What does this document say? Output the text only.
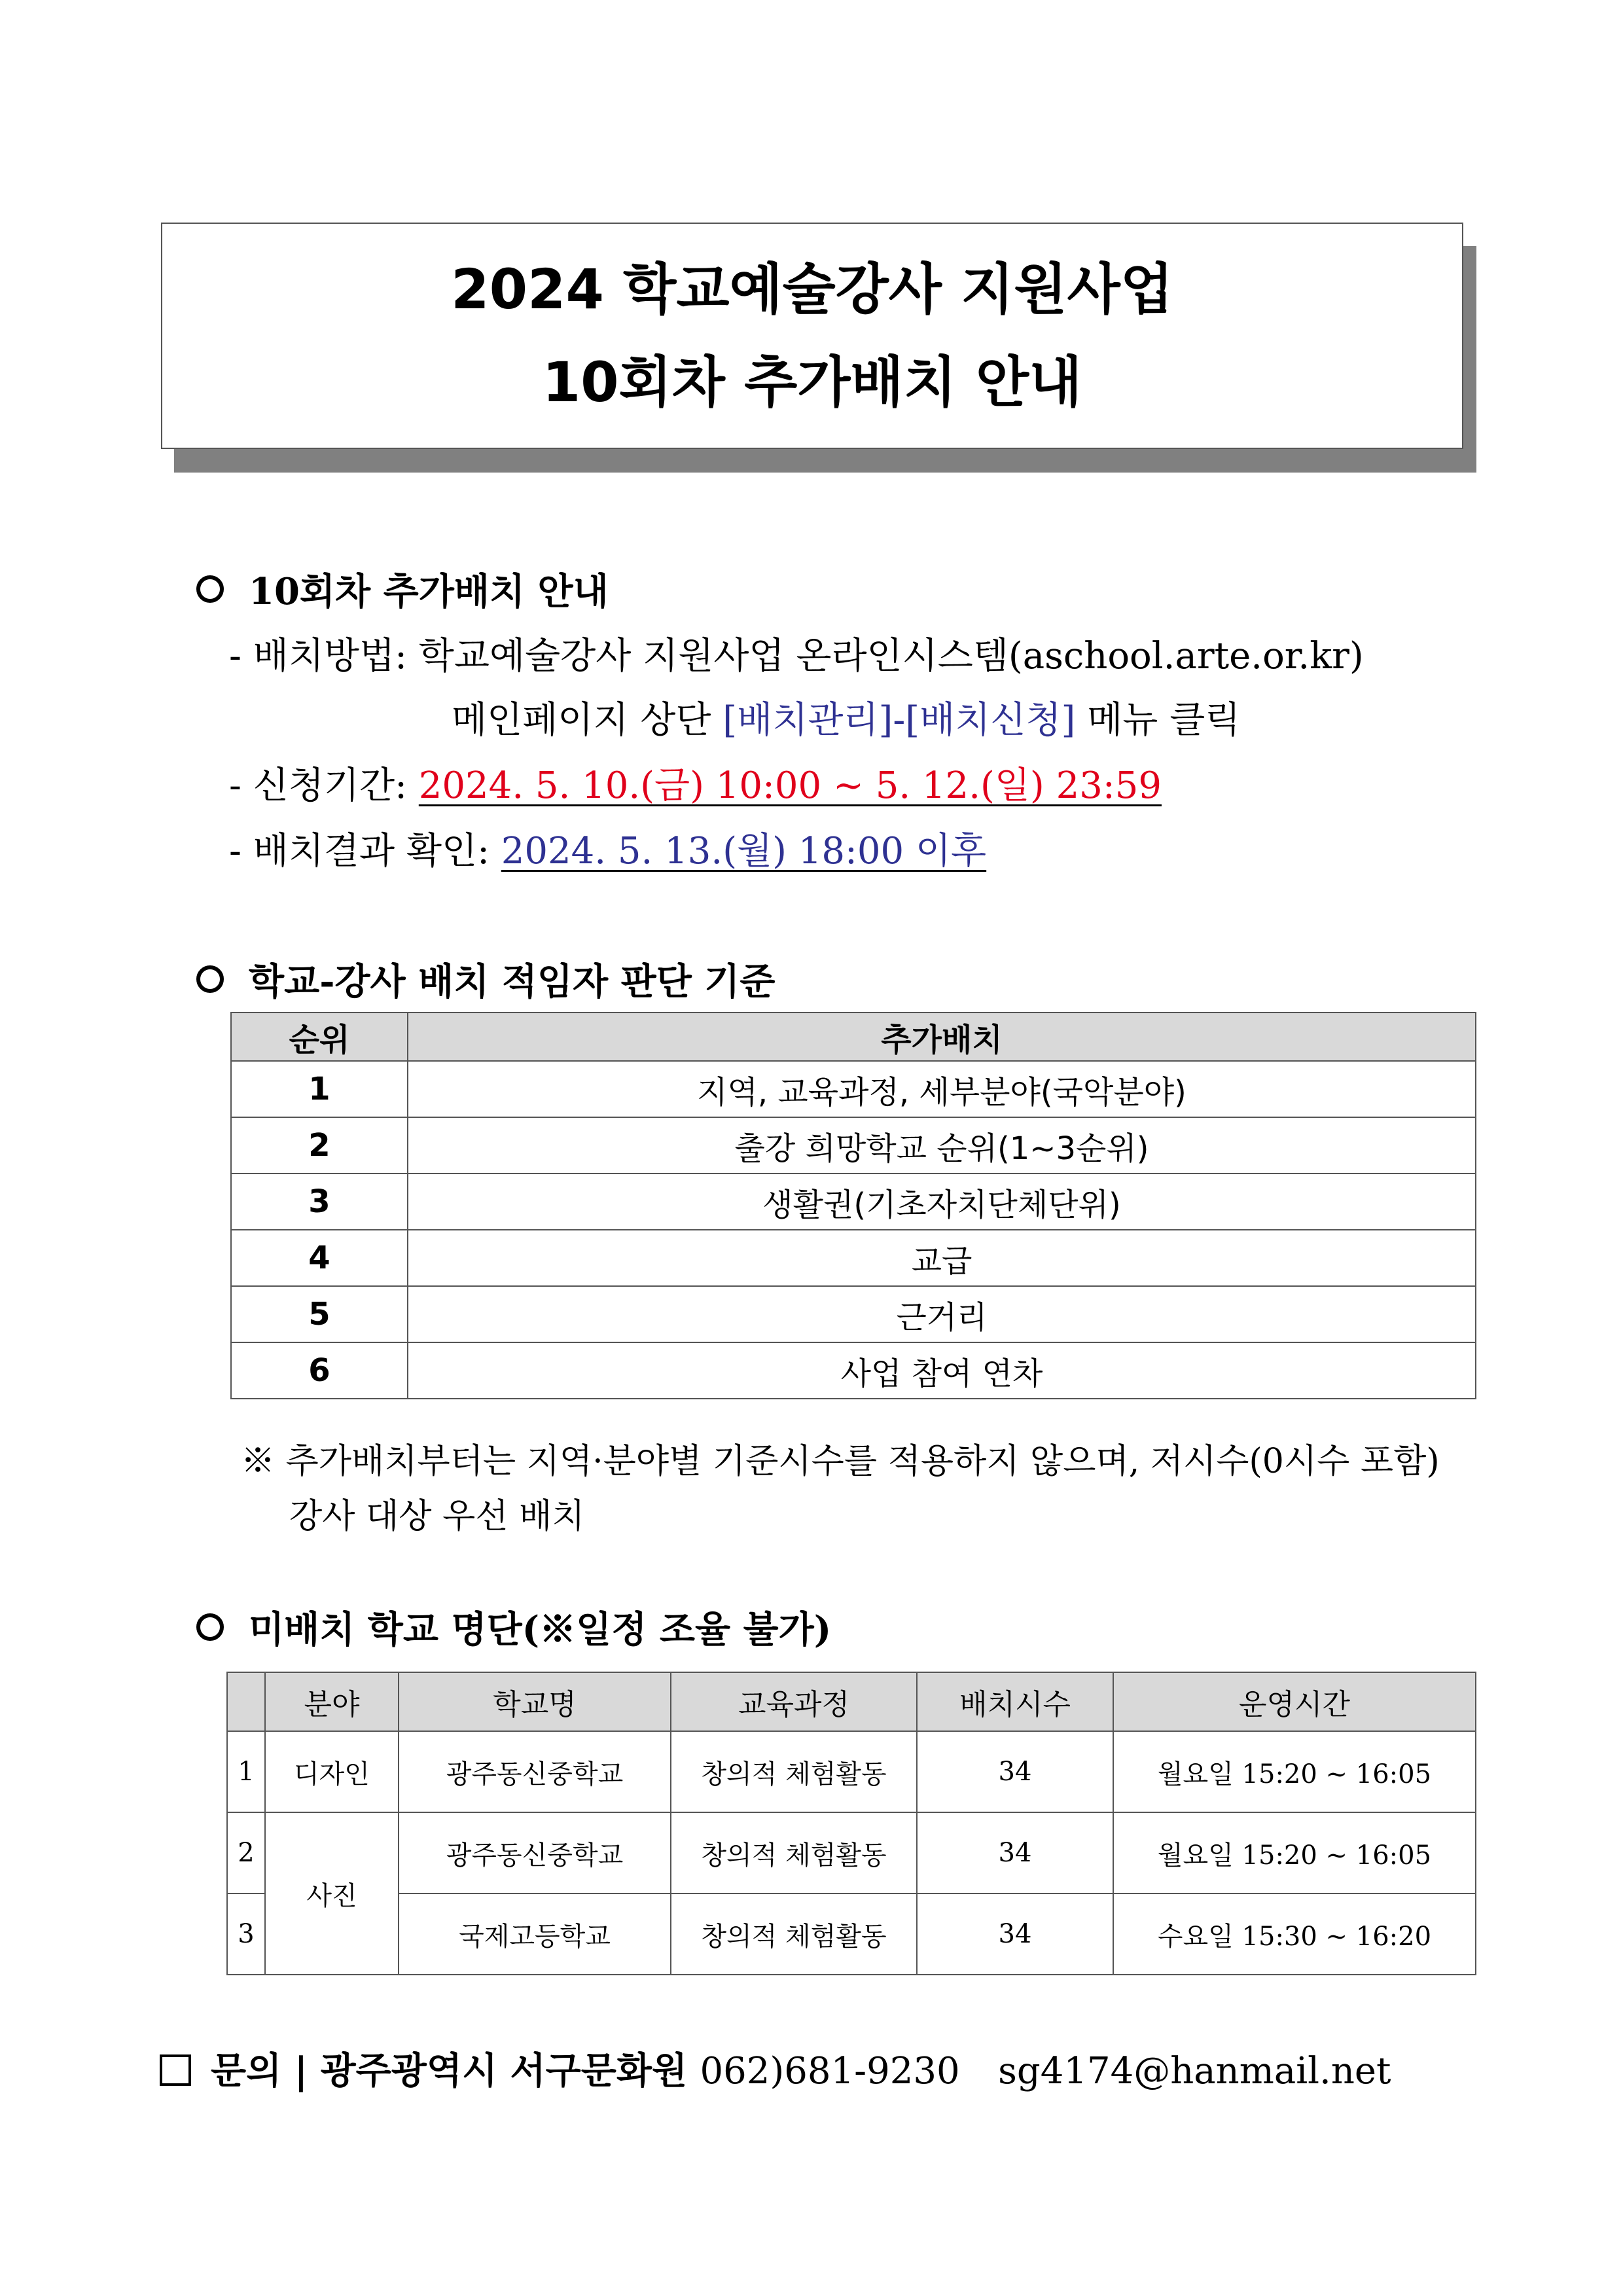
2024 학교예술강사 지원사업
10회차 추가배치 안내
10회차 추가배치 안내
- 배치방법: 학교예술강사 지원사업 온라인시스템(aschool.arte.or.kr)
메인페이지 상단 [배치관리]-[배치신청] 메뉴 클릭
- 신청기간: 2024. 5. 10.(금) 10:00 ~ 5. 12.(일) 23:59
- 배치결과 확인: 2024. 5. 13.(월) 18:00 이후
학교-강사 배치 적임자 판단 기준
순위	추가배치
1	지역, 교육과정, 세부분야(국악분야)
2	출강 희망학교 순위(1~3순위)
3	생활권(기초자치단체단위)
4	교급
5	근거리
6	사업 참여 연차
※ 추가배치부터는 지역·분야별 기준시수를 적용하지 않으며, 저시수(0시수 포함)
강사 대상 우선 배치
미배치 학교 명단(※일정 조율 불가)
	분야	학교명	교육과정	배치시수	운영시간
1	디자인	광주동신중학교	창의적 체험활동	34	월요일 15:20 ~ 16:05
2	사진	광주동신중학교	창의적 체험활동	34	월요일 15:20 ~ 16:05
3		국제고등학교	창의적 체험활동	34	수요일 15:30 ~ 16:20
문의 | 광주광역시 서구문화원 062)681-9230 sg4174@hanmail.net
